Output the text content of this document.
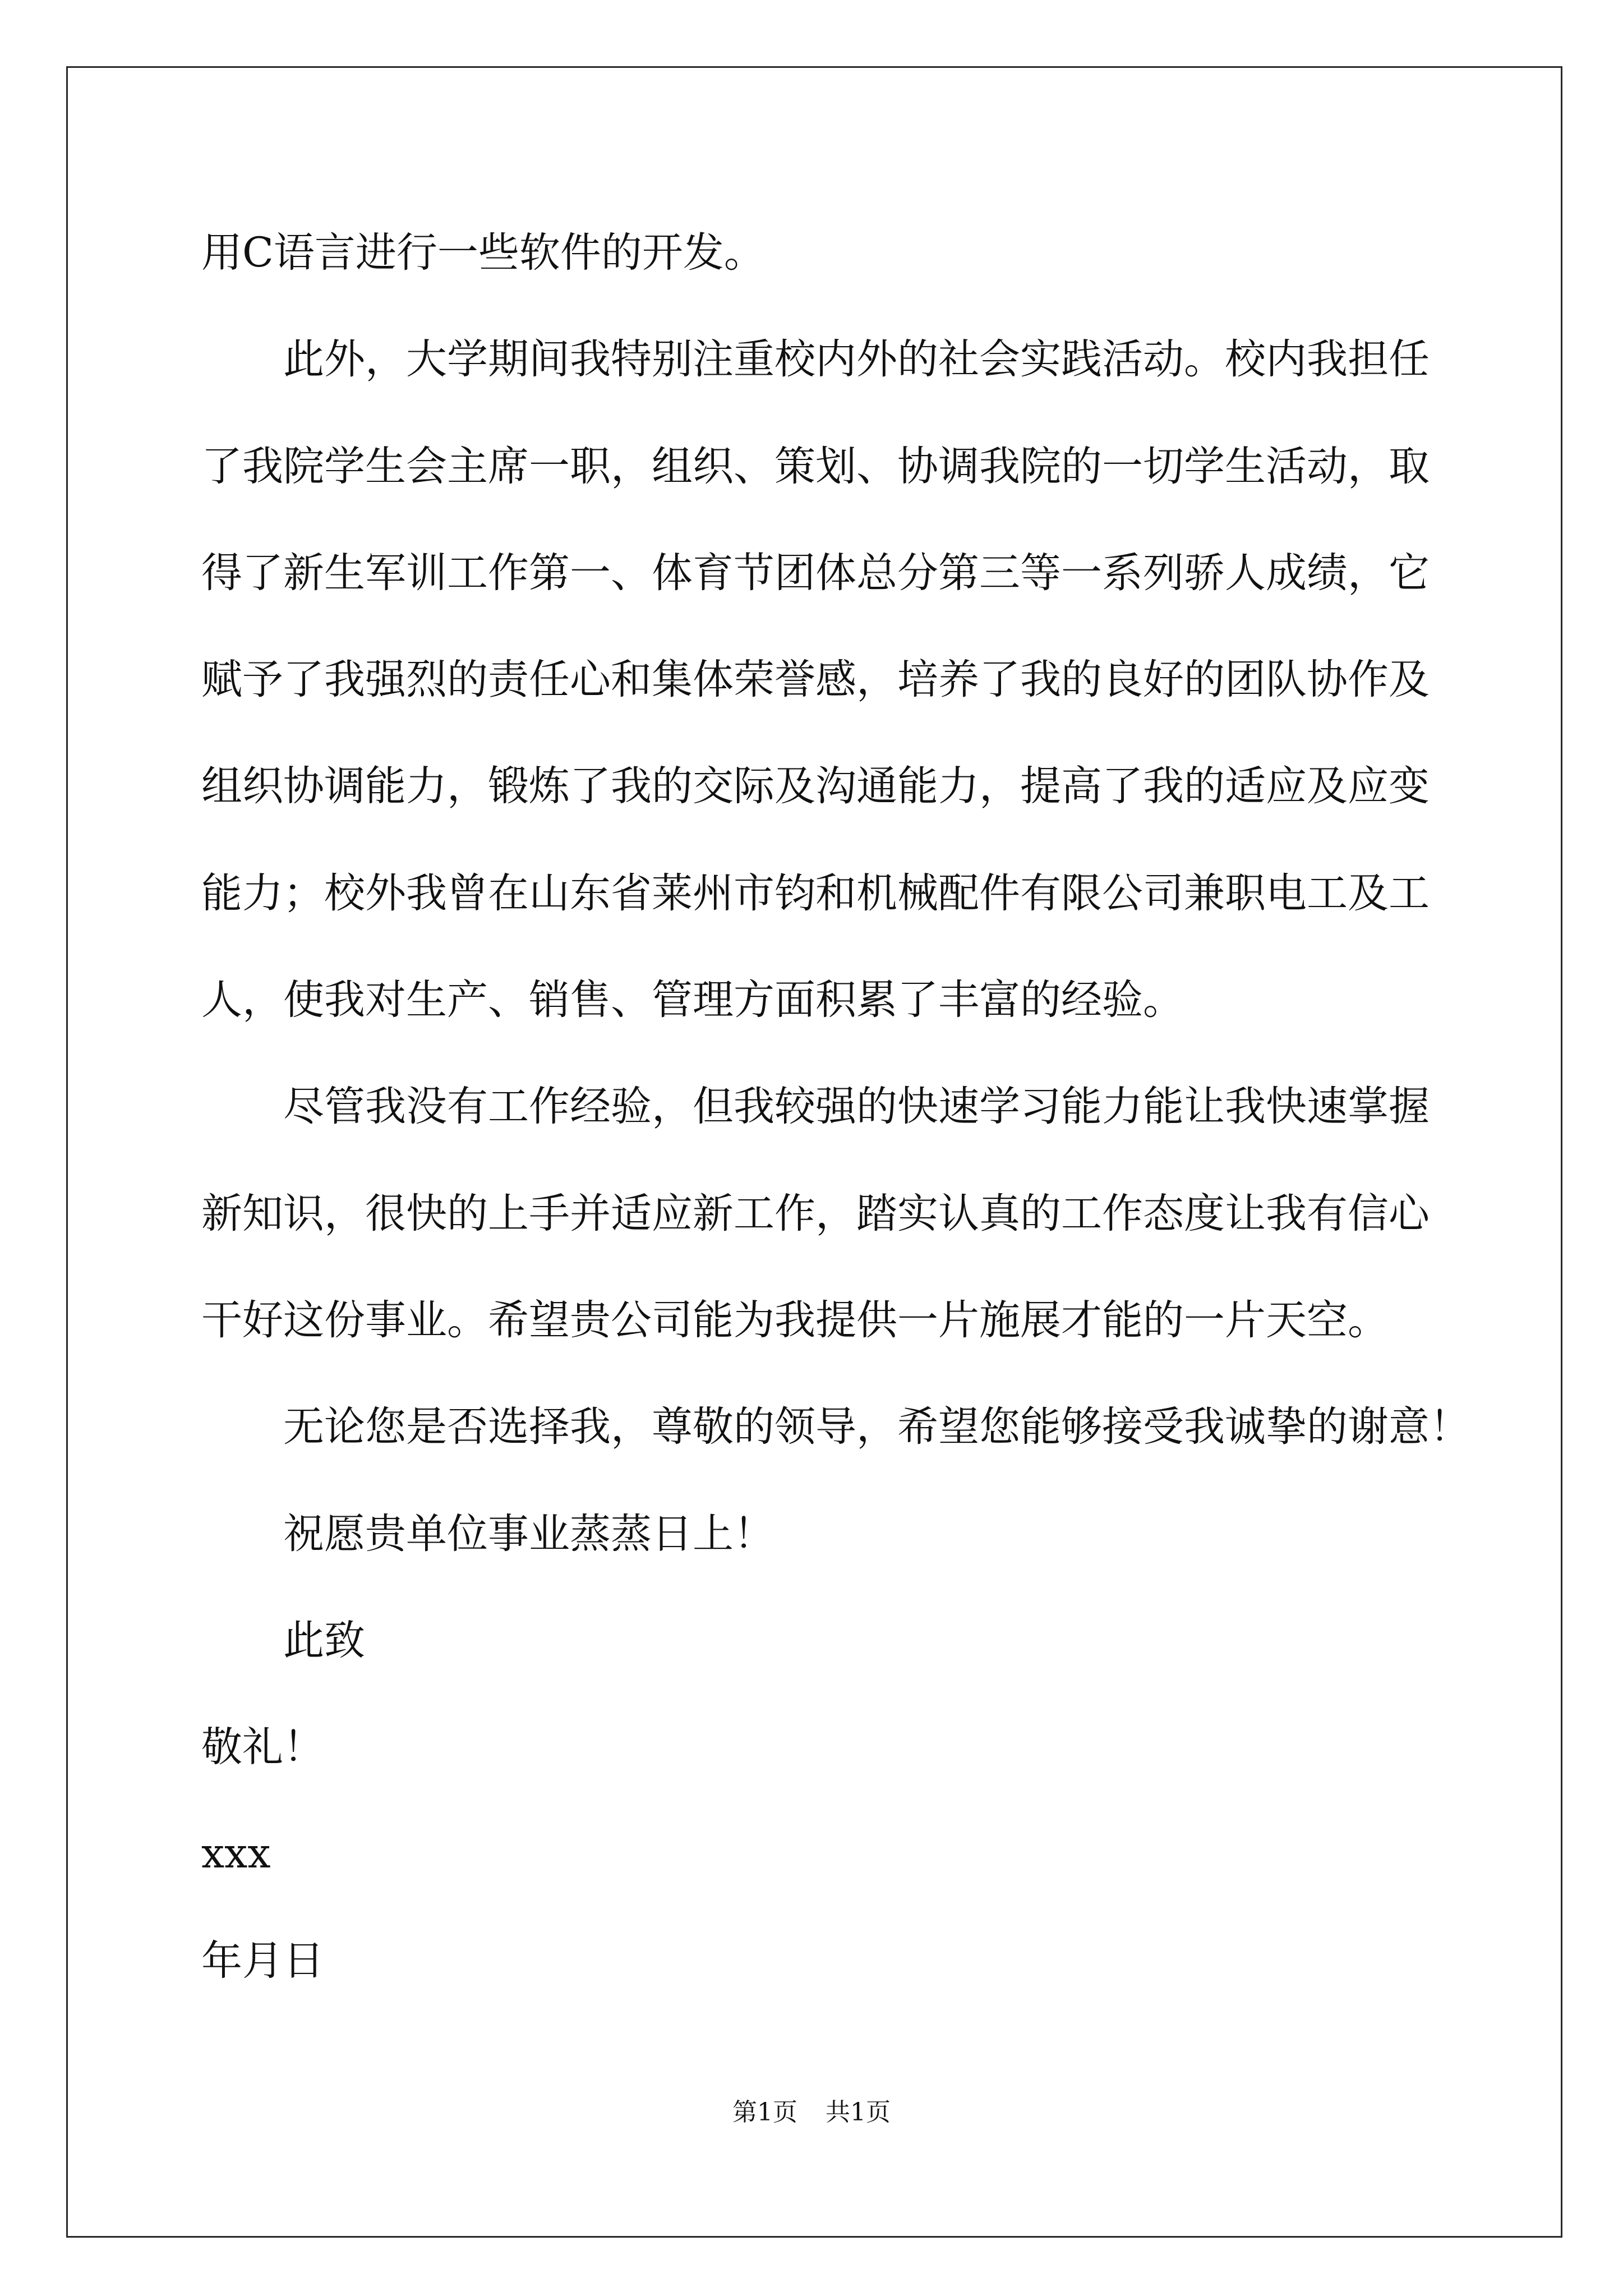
用C语言进行一些软件的开发。
此外，大学期间我特别注重校内外的社会实践活动。校内我担任
了我院学生会主席一职，组织、策划、协调我院的一切学生活动，取
得了新生军训工作第一、体育节团体总分第三等一系列骄人成绩，它
赋予了我强烈的责任心和集体荣誉感，培养了我的良好的团队协作及
组织协调能力，锻炼了我的交际及沟通能力，提高了我的适应及应变
能力；校外我曾在山东省莱州市钧和机械配件有限公司兼职电工及工
人，使我对生产、销售、管理方面积累了丰富的经验。
尽管我没有工作经验，但我较强的快速学习能力能让我快速掌握
新知识，很快的上手并适应新工作，踏实认真的工作态度让我有信心
干好这份事业。希望贵公司能为我提供一片施展才能的一片天空。
无论您是否选择我，尊敬的领导，希望您能够接受我诚挚的谢意！
祝愿贵单位事业蒸蒸日上！
此致
敬礼！
xxx
年月日
第1页 共1页
